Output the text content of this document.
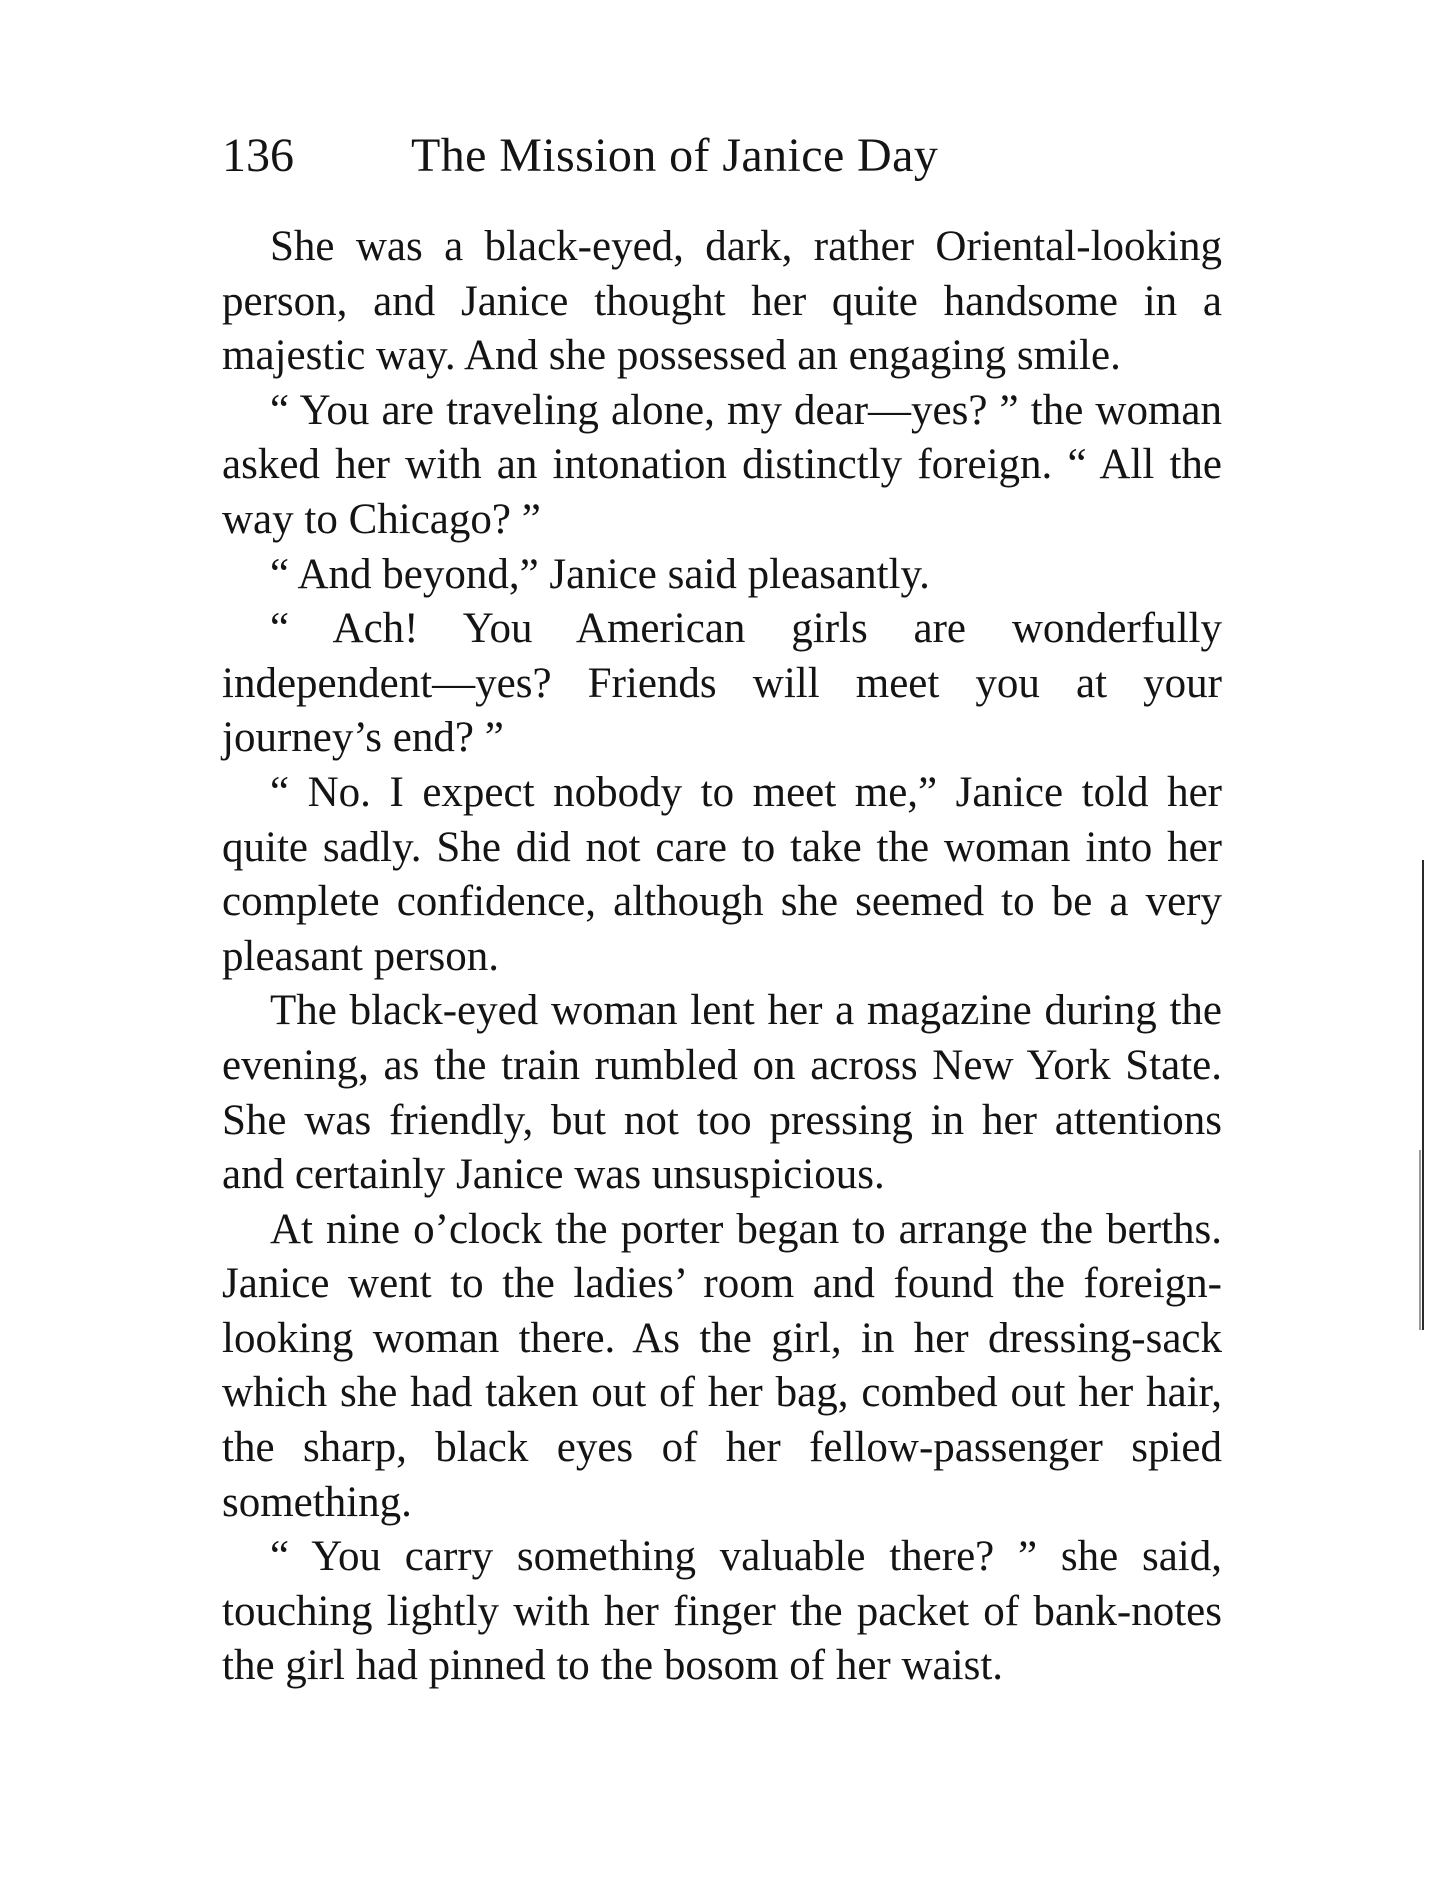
136 The Mission of Janice Day

She was a black-eyed, dark, rather Oriental-looking person, and Janice thought her quite handsome in a majestic way. And she possessed an engaging smile.

“ You are traveling alone, my dear—yes? ” the woman asked her with an intonation distinctly foreign. “ All the way to Chicago? ”

“ And beyond,” Janice said pleasantly.

“ Ach! You American girls are wonderfully independent—yes? Friends will meet you at your journey’s end? ”

“ No. I expect nobody to meet me,” Janice told her quite sadly. She did not care to take the woman into her complete confidence, although she seemed to be a very pleasant person.

The black-eyed woman lent her a magazine during the evening, as the train rumbled on across New York State. She was friendly, but not too pressing in her attentions and certainly Janice was unsuspicious.

At nine o’clock the porter began to arrange the berths. Janice went to the ladies’ room and found the foreign-looking woman there. As the girl, in her dressing-sack which she had taken out of her bag, combed out her hair, the sharp, black eyes of her fellow-passenger spied something.

“ You carry something valuable there? ” she said, touching lightly with her finger the packet of bank-notes the girl had pinned to the bosom of her waist.
